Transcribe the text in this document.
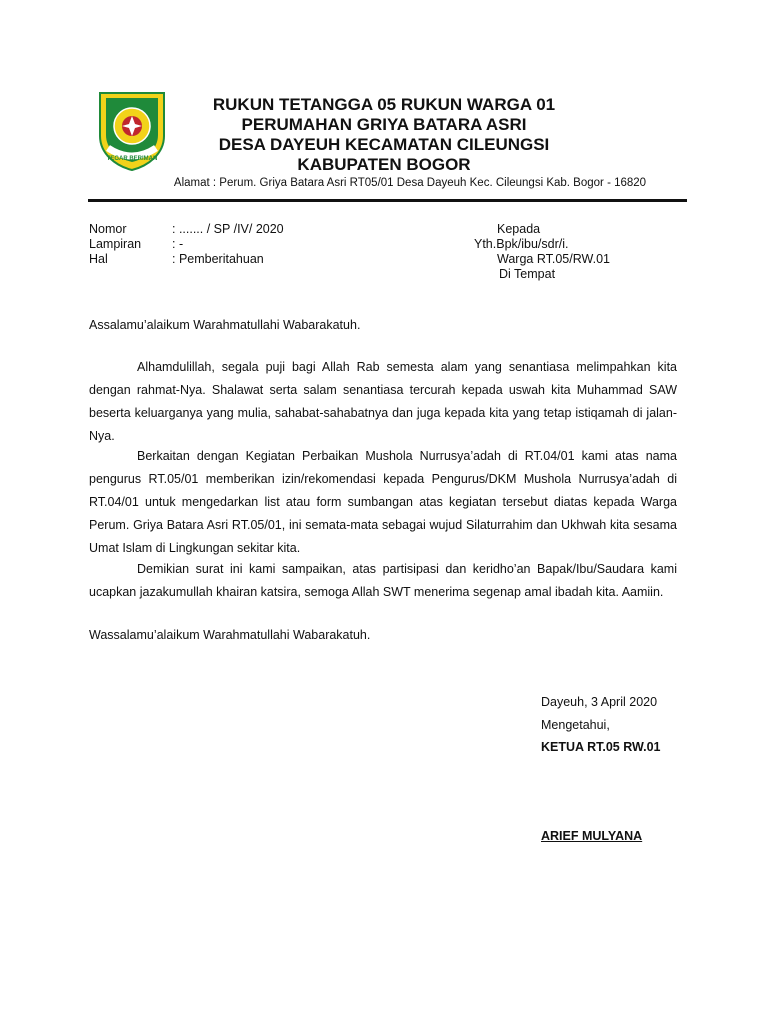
TEGAR BERIMAN
RUKUN TETANGGA 05 RUKUN WARGA 01
PERUMAHAN GRIYA BATARA ASRI
DESA DAYEUH KECAMATAN CILEUNGSI
KABUPATEN BOGOR
Alamat : Perum. Griya Batara Asri RT05/01 Desa Dayeuh Kec. Cileungsi Kab. Bogor - 16820
Nomor	: ....... / SP /IV/ 2020
Lampiran : -
Hal	: Pemberitahuan
Kepada
Yth.Bpk/ibu/sdr/i.
Warga RT.05/RW.01
Di Tempat
Assalamu’alaikum Warahmatullahi Wabarakatuh.
Alhamdulillah, segala puji bagi Allah Rab semesta alam yang senantiasa melimpahkan kita dengan rahmat-Nya. Shalawat serta salam senantiasa tercurah kepada uswah kita Muhammad SAW beserta keluarganya yang mulia, sahabat-sahabatnya dan juga kepada kita yang tetap istiqamah di jalan-Nya.
Berkaitan dengan Kegiatan Perbaikan Mushola Nurrusya’adah di RT.04/01 kami atas nama pengurus RT.05/01 memberikan izin/rekomendasi kepada Pengurus/DKM Mushola Nurrusya’adah di RT.04/01 untuk mengedarkan list atau form sumbangan atas kegiatan tersebut diatas kepada Warga Perum. Griya Batara Asri RT.05/01, ini semata-mata sebagai wujud Silaturrahim dan Ukhwah kita sesama Umat Islam di Lingkungan sekitar kita.
Demikian surat ini kami sampaikan, atas partisipasi dan keridho’an Bapak/Ibu/Saudara kami ucapkan jazakumullah khairan katsira, semoga Allah SWT menerima segenap amal ibadah kita. Aamiin.
Wassalamu’alaikum Warahmatullahi Wabarakatuh.
Dayeuh, 3 April 2020
Mengetahui,
KETUA RT.05 RW.01
ARIEF MULYANA
